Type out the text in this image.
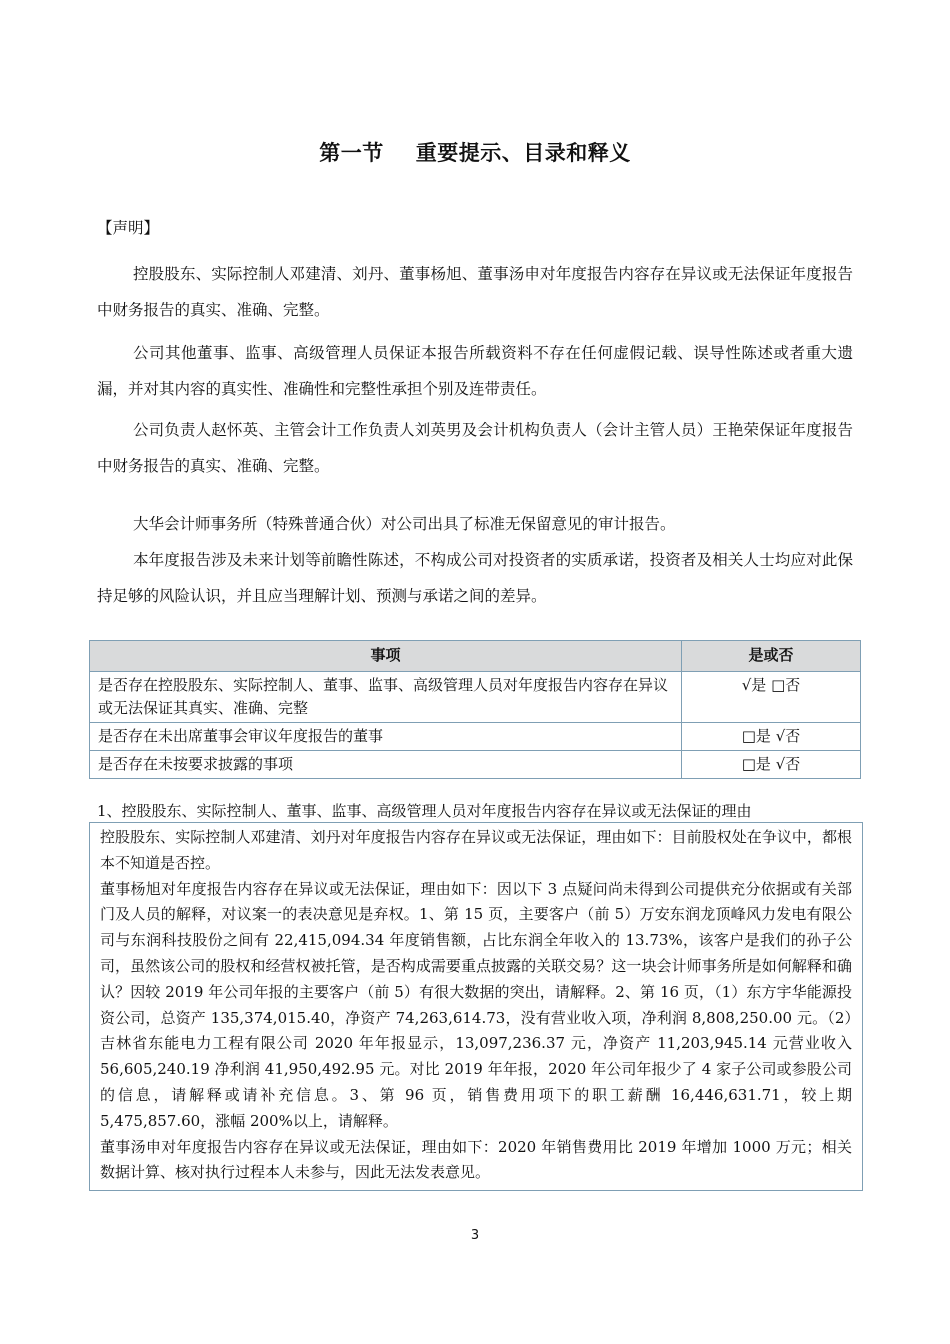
第一节 重要提示、目录和释义

【声明】

控股股东、实际控制人邓建清、刘丹、董事杨旭、董事汤申对年度报告内容存在异议或无法保证年度报告中财务报告的真实、准确、完整。

公司其他董事、监事、高级管理人员保证本报告所载资料不存在任何虚假记载、误导性陈述或者重大遗漏，并对其内容的真实性、准确性和完整性承担个别及连带责任。

公司负责人赵怀英、主管会计工作负责人刘英男及会计机构负责人（会计主管人员）王艳荣保证年度报告中财务报告的真实、准确、完整。

大华会计师事务所（特殊普通合伙）对公司出具了标准无保留意见的审计报告。

本年度报告涉及未来计划等前瞻性陈述，不构成公司对投资者的实质承诺，投资者及相关人士均应对此保持足够的风险认识，并且应当理解计划、预测与承诺之间的差异。

事项	是或否
是否存在控股股东、实际控制人、董事、监事、高级管理人员对年度报告内容存在异议或无法保证其真实、准确、完整	√是 □否
是否存在未出席董事会审议年度报告的董事	□是 √否
是否存在未按要求披露的事项	□是 √否
1、控股股东、实际控制人、董事、监事、高级管理人员对年度报告内容存在异议或无法保证的理由

控股股东、实际控制人邓建清、刘丹对年度报告内容存在异议或无法保证，理由如下：目前股权处在争议中，都根本不知道是否控。

董事杨旭对年度报告内容存在异议或无法保证，理由如下：因以下 3 点疑问尚未得到公司提供充分依据或有关部门及人员的解释，对议案一的表决意见是弃权。1、第 15 页，主要客户（前 5）万安东润龙顶峰风力发电有限公司与东润科技股份之间有 22,415,094.34 年度销售额，占比东润全年收入的 13.73%，该客户是我们的孙子公司，虽然该公司的股权和经营权被托管，是否构成需要重点披露的关联交易？这一块会计师事务所是如何解释和确认？因较 2019 年公司年报的主要客户（前 5）有很大数据的突出，请解释。2、第 16 页，（1）东方宇华能源投资公司，总资产 135,374,015.40，净资产 74,263,614.73，没有营业收入项，净利润 8,808,250.00 元。（2）吉林省东能电力工程有限公司 2020 年年报显示，13,097,236.37 元，净资产 11,203,945.14 元营业收入 56,605,240.19 净利润 41,950,492.95 元。对比 2019 年年报，2020 年公司年报少了 4 家子公司或参股公司的信息，请解释或请补充信息。3、第 96 页，销售费用项下的职工薪酬 16,446,631.71，较上期 5,475,857.60，涨幅 200%以上，请解释。

董事汤申对年度报告内容存在异议或无法保证，理由如下：2020 年销售费用比 2019 年增加 1000 万元；相关数据计算、核对执行过程本人未参与，因此无法发表意见。

3
